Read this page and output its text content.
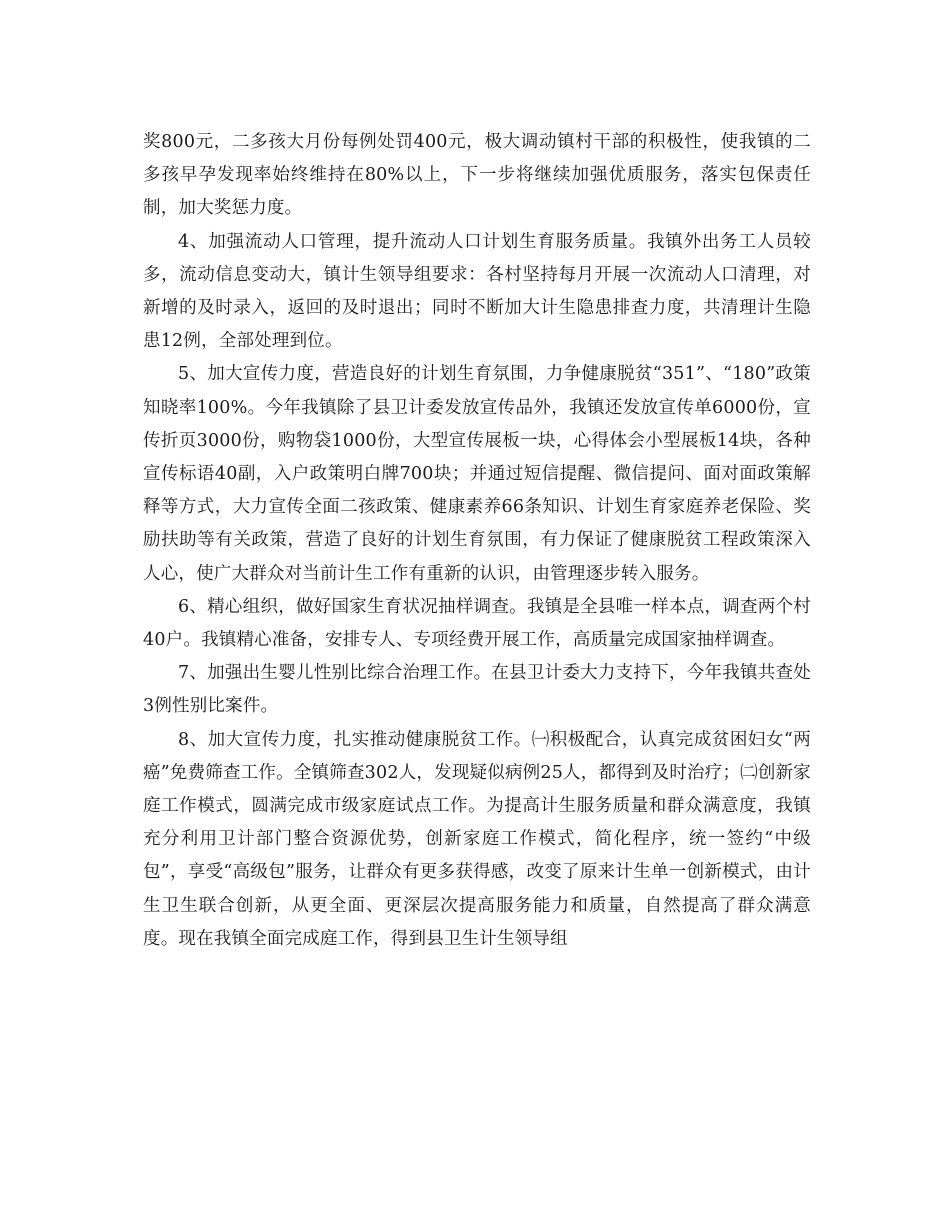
奖800元，二多孩大月份每例处罚400元，极大调动镇村干部的积极性，使我镇的二多孩早孕发现率始终维持在80%以上，下一步将继续加强优质服务，落实包保责任制，加大奖惩力度。

4、加强流动人口管理，提升流动人口计划生育服务质量。我镇外出务工人员较多，流动信息变动大，镇计生领导组要求：各村坚持每月开展一次流动人口清理，对新增的及时录入，返回的及时退出；同时不断加大计生隐患排查力度，共清理计生隐患12例，全部处理到位。

5、加大宣传力度，营造良好的计划生育氛围，力争健康脱贫“351”、“180”政策知晓率100%。今年我镇除了县卫计委发放宣传品外，我镇还发放宣传单6000份，宣传折页3000份，购物袋1000份，大型宣传展板一块，心得体会小型展板14块，各种宣传标语40副，入户政策明白牌700块；并通过短信提醒、微信提问、面对面政策解释等方式，大力宣传全面二孩政策、健康素养66条知识、计划生育家庭养老保险、奖励扶助等有关政策，营造了良好的计划生育氛围，有力保证了健康脱贫工程政策深入人心，使广大群众对当前计生工作有重新的认识，由管理逐步转入服务。

6、精心组织，做好国家生育状况抽样调查。我镇是全县唯一样本点，调查两个村40户。我镇精心准备，安排专人、专项经费开展工作，高质量完成国家抽样调查。

7、加强出生婴儿性别比综合治理工作。在县卫计委大力支持下，今年我镇共查处3例性别比案件。

8、加大宣传力度，扎实推动健康脱贫工作。㈠积极配合，认真完成贫困妇女“两癌”免费筛查工作。全镇筛查302人，发现疑似病例25人，都得到及时治疗；㈡创新家庭工作模式，圆满完成市级家庭试点工作。为提高计生服务质量和群众满意度，我镇充分利用卫计部门整合资源优势，创新家庭工作模式，简化程序，统一签约“中级包”，享受“高级包”服务，让群众有更多获得感，改变了原来计生单一创新模式，由计生卫生联合创新，从更全面、更深层次提高服务能力和质量，自然提高了群众满意度。现在我镇全面完成庭工作，得到县卫生计生领导组
